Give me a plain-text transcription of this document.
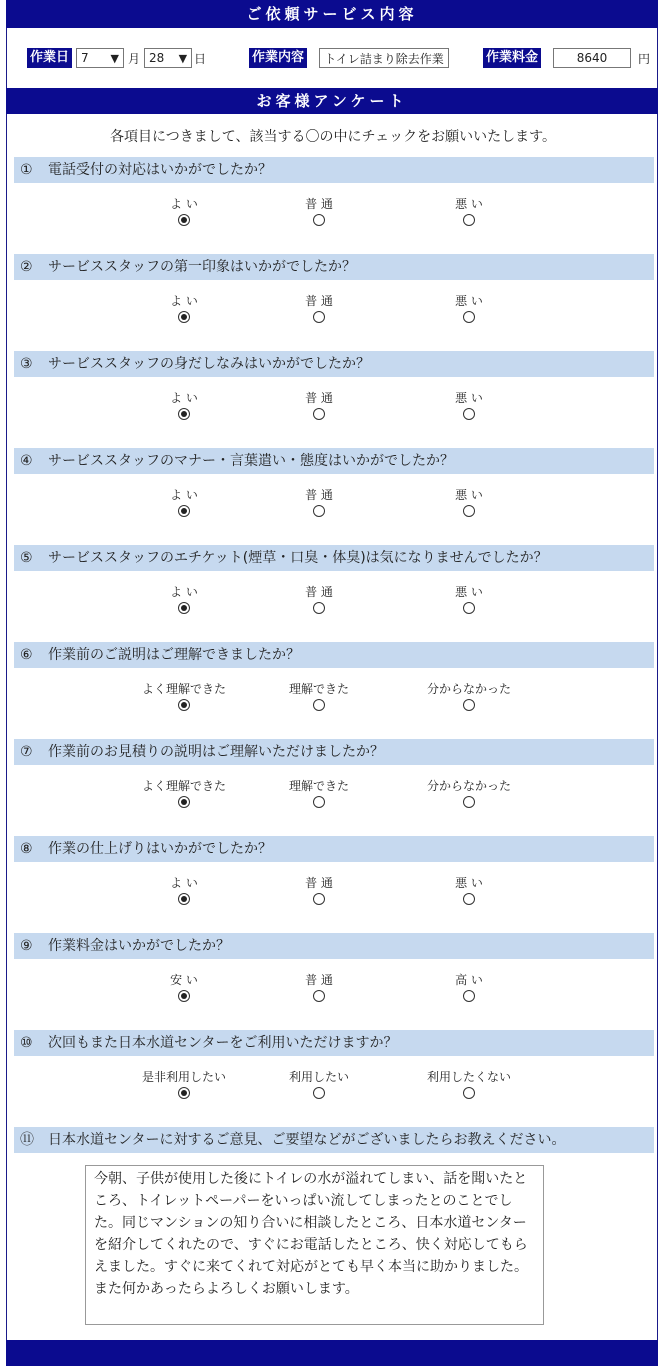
ご依頼サービス内容
作業日 7 ▼ 月 28 ▼ 日	作業内容	トイレ詰まり除去作業	作業料金	8640	円
お客様アンケート
各項目につきまして、該当する〇の中にチェックをお願いいたします。
① 電話受付の対応はいかがでしたか？
よ い	普 通	悪 い
② サービススタッフの第一印象はいかがでしたか？
よ い	普 通	悪 い
③ サービススタッフの身だしなみはいかがでしたか？
よ い	普 通	悪 い
④ サービススタッフのマナー・言葉遣い・態度はいかがでしたか？
よ い	普 通	悪 い
⑤ サービススタッフのエチケット(煙草・口臭・体臭)は気になりませんでしたか？
よ い	普 通	悪 い
⑥ 作業前のご説明はご理解できましたか？
よく理解できた	理解できた	分からなかった
⑦ 作業前のお見積りの説明はご理解いただけましたか？
よく理解できた	理解できた	分からなかった
⑧ 作業の仕上げりはいかがでしたか？
よ い	普 通	悪 い
⑨ 作業料金はいかがでしたか？
安 い	普 通	高 い
⑩ 次回もまた日本水道センターをご利用いただけますか？
是非利用したい	利用したい	利用したくない
⑪ 日本水道センターに対するご意見、ご要望などがございましたらお教えください。
今朝、子供が使用した後にトイレの水が溢れてしまい、話を聞いたところ、トイレットペーパーをいっぱい流してしまったとのことでした。同じマンションの知り合いに相談したところ、日本水道センターを紹介してくれたので、すぐにお電話したところ、快く対応してもらえました。すぐに来てくれて対応がとても早く本当に助かりました。また何かあったらよろしくお願いします。
